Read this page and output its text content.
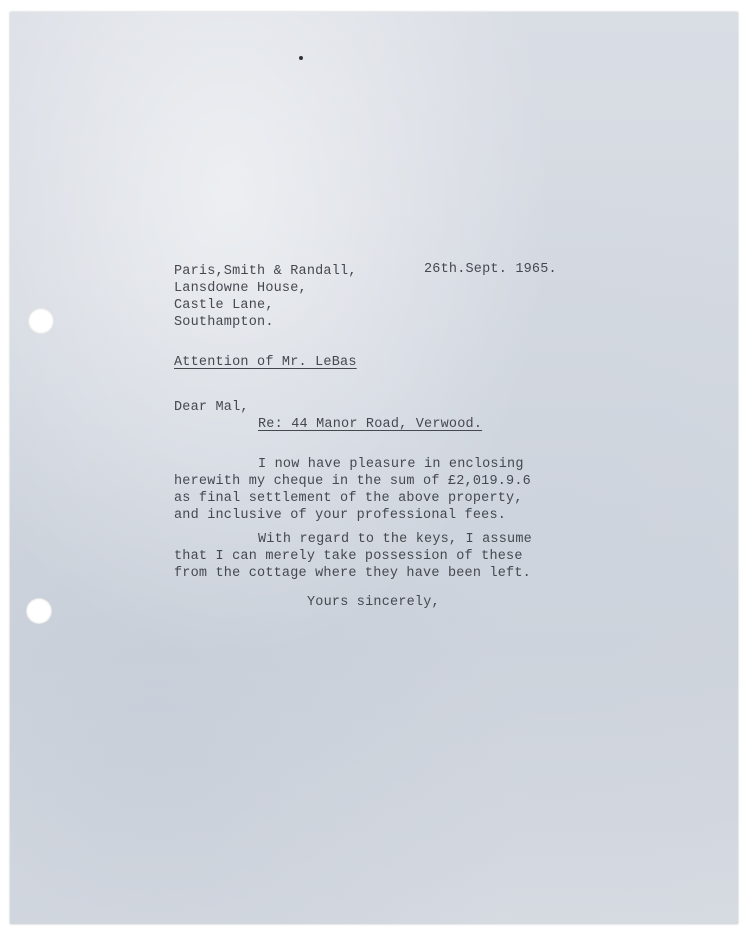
Paris,Smith & Randall,	26th.Sept. 1965.
Lansdowne House,
Castle Lane,
Southampton.
Attention of Mr. LeBas
Dear Mal,
Re: 44 Manor Road, Verwood.
I now have pleasure in enclosing
herewith my cheque in the sum of £2,019.9.6
as final settlement of the above property,
and inclusive of your professional fees.
With regard to the keys, I assume
that I can merely take possession of these
from the cottage where they have been left.
Yours sincerely,
